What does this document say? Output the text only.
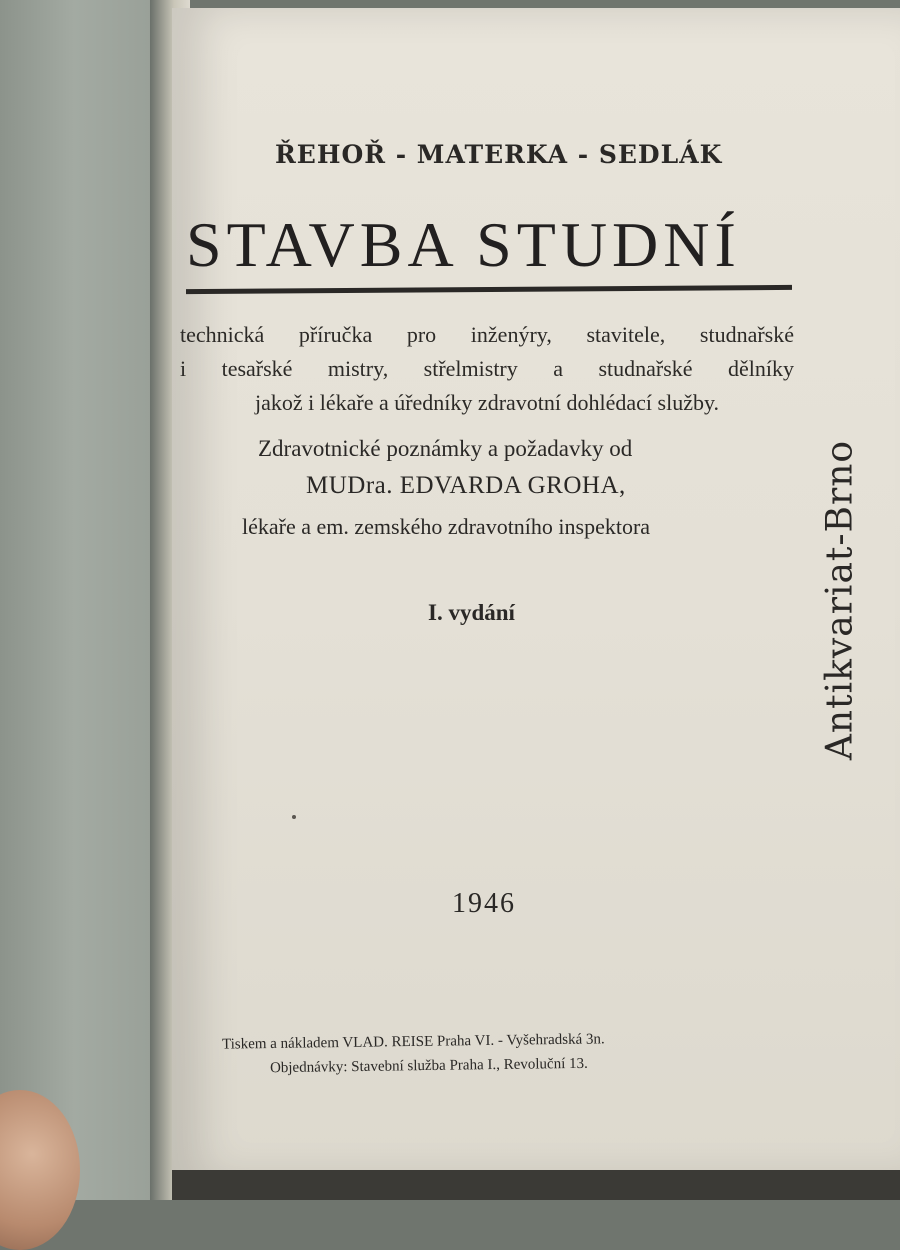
ŘEHOŘ - MATERKA - SEDLÁK
STAVBA STUDNÍ
technická příručka pro inženýry, stavitele, studnařské
i tesařské mistry, střelmistry a studnařské dělníky
jakož i lékaře a úředníky zdravotní dohlédací služby.
Zdravotnické poznámky a požadavky od
MUDra. EDVARDA GROHA,
lékaře a em. zemského zdravotního inspektora
I. vydání
1946
Tiskem a nákladem VLAD. REISE Praha VI. - Vyšehradská 3n.
Objednávky: Stavební služba Praha I., Revoluční 13.
Antikvariat-Brno
